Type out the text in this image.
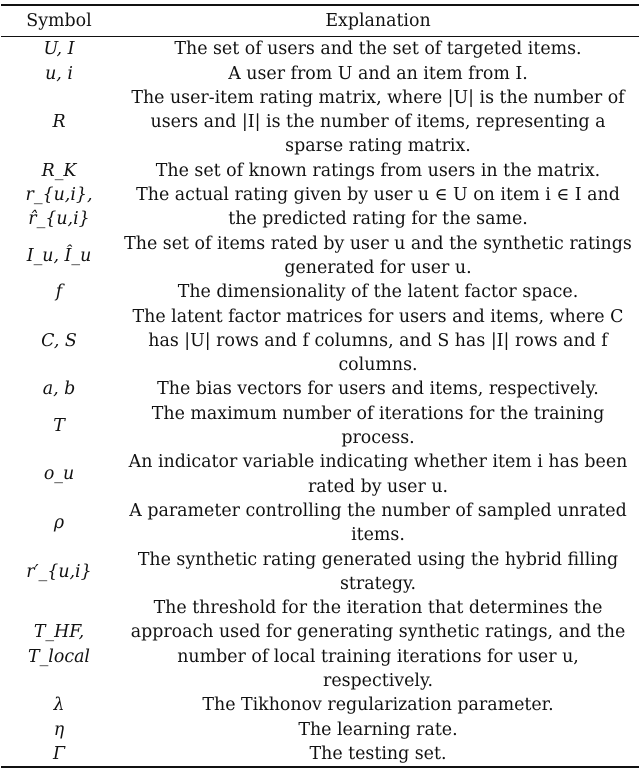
Symbol	Explanation
U, I	The set of users and the set of targeted items.
u, i	A user from U and an item from I.
R	The user-item rating matrix, where |U| is the number of users and |I| is the number of items, representing a sparse rating matrix.
R_K	The set of known ratings from users in the matrix.
r_{u,i}, r̂_{u,i}	The actual rating given by user u ∈ U on item i ∈ I and the predicted rating for the same.
I_u, Î_u	The set of items rated by user u and the synthetic ratings generated for user u.
f	The dimensionality of the latent factor space.
C, S	The latent factor matrices for users and items, where C has |U| rows and f columns, and S has |I| rows and f columns.
a, b	The bias vectors for users and items, respectively.
T	The maximum number of iterations for the training process.
o_u	An indicator variable indicating whether item i has been rated by user u.
ρ	A parameter controlling the number of sampled unrated items.
r′_{u,i}	The synthetic rating generated using the hybrid filling strategy.
T_HF, T_local	The threshold for the iteration that determines the approach used for generating synthetic ratings, and the number of local training iterations for user u, respectively.
λ	The Tikhonov regularization parameter.
η	The learning rate.
Γ	The testing set.
